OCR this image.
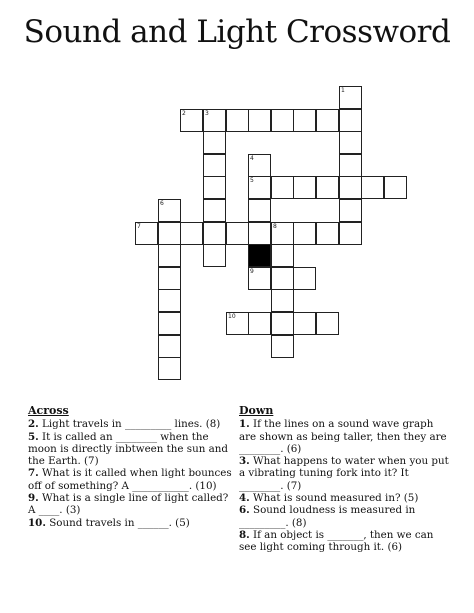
Sound and Light Crossword
1
2	3
4
5
6
7	8
9
10
Across

2. Light travels in _________ lines. (8)

5. It is called an ________ when the moon is directly inbtween the sun and the Earth. (7)

7. What is it called when light bounces off of something? A ___________. (10)

9. What is a single line of light called? A ____. (3)

10. Sound travels in ______. (5)

Down

1. If the lines on a sound wave graph are shown as being taller, then they are ________. (6)

3. What happens to water when you put a vibrating tuning fork into it? It ________. (7)

4. What is sound measured in? (5)

6. Sound loudness is measured in _________. (8)

8. If an object is _______, then we can see light coming through it. (6)
